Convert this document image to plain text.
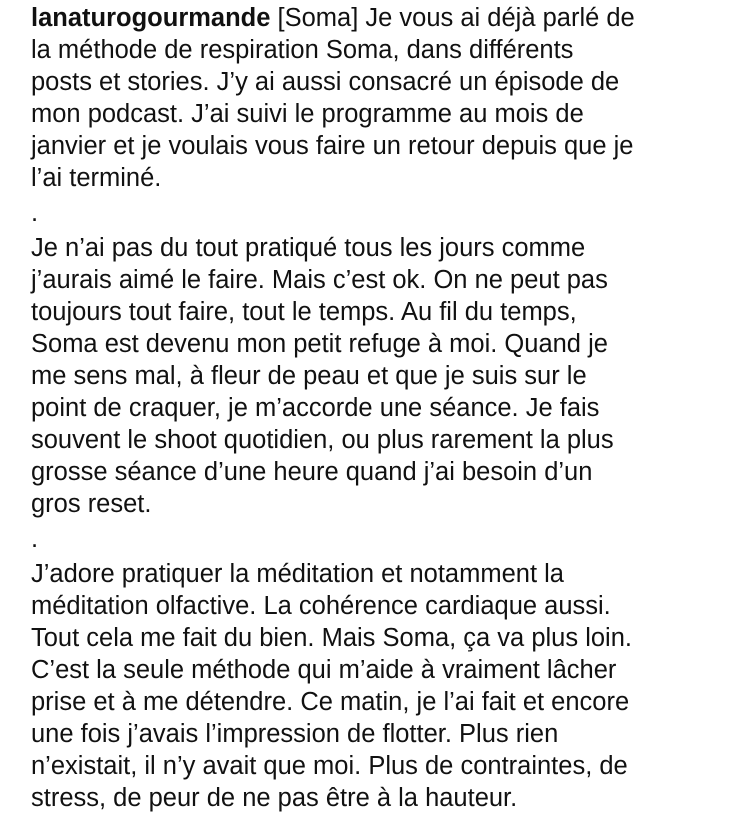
lanaturogourmande [Soma] Je vous ai déjà parlé de
la méthode de respiration Soma, dans différents
posts et stories. J’y ai aussi consacré un épisode de
mon podcast. J’ai suivi le programme au mois de
janvier et je voulais vous faire un retour depuis que je
l’ai terminé.
.
Je n’ai pas du tout pratiqué tous les jours comme
j’aurais aimé le faire. Mais c’est ok. On ne peut pas
toujours tout faire, tout le temps. Au fil du temps,
Soma est devenu mon petit refuge à moi. Quand je
me sens mal, à fleur de peau et que je suis sur le
point de craquer, je m’accorde une séance. Je fais
souvent le shoot quotidien, ou plus rarement la plus
grosse séance d’une heure quand j’ai besoin d’un
gros reset.
.
J’adore pratiquer la méditation et notamment la
méditation olfactive. La cohérence cardiaque aussi.
Tout cela me fait du bien. Mais Soma, ça va plus loin.
C’est la seule méthode qui m’aide à vraiment lâcher
prise et à me détendre. Ce matin, je l’ai fait et encore
une fois j’avais l’impression de flotter. Plus rien
n’existait, il n’y avait que moi. Plus de contraintes, de
stress, de peur de ne pas être à la hauteur.
